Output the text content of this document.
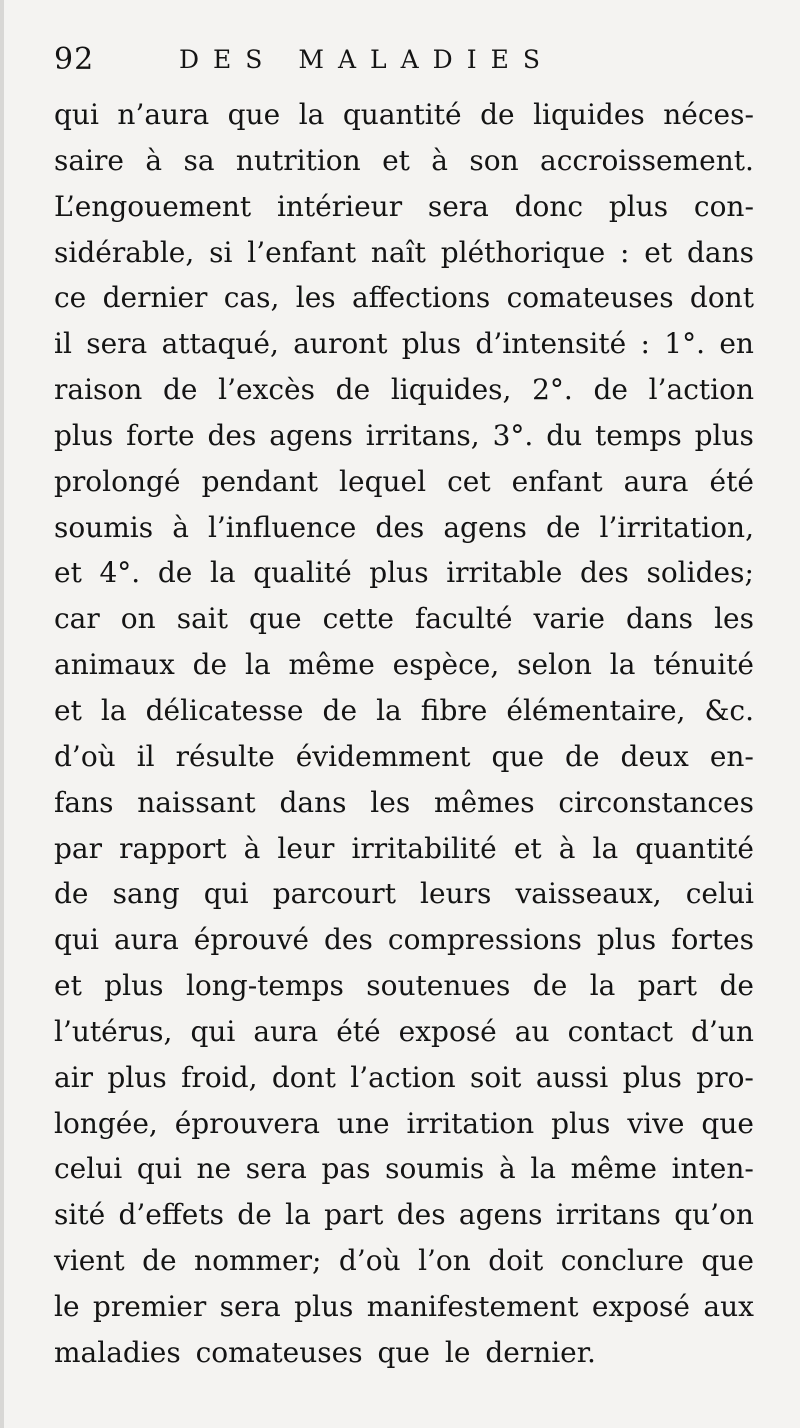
92	DES MALADIES
qui n’aura que la quantité de liquides néces-
saire à sa nutrition et à son accroissement.
L’engouement intérieur sera donc plus con-
sidérable, si l’enfant naît pléthorique : et dans
ce dernier cas, les affections comateuses dont
il sera attaqué, auront plus d’intensité : 1°. en
raison de l’excès de liquides, 2°. de l’action
plus forte des agens irritans, 3°. du temps plus
prolongé pendant lequel cet enfant aura été
soumis à l’influence des agens de l’irritation,
et 4°. de la qualité plus irritable des solides;
car on sait que cette faculté varie dans les
animaux de la même espèce, selon la ténuité
et la délicatesse de la fibre élémentaire, &c.
d’où il résulte évidemment que de deux en-
fans naissant dans les mêmes circonstances
par rapport à leur irritabilité et à la quantité
de sang qui parcourt leurs vaisseaux, celui
qui aura éprouvé des compressions plus fortes
et plus long-temps soutenues de la part de
l’utérus, qui aura été exposé au contact d’un
air plus froid, dont l’action soit aussi plus pro-
longée, éprouvera une irritation plus vive que
celui qui ne sera pas soumis à la même inten-
sité d’effets de la part des agens irritans qu’on
vient de nommer; d’où l’on doit conclure que
le premier sera plus manifestement exposé aux
maladies comateuses que le dernier.
